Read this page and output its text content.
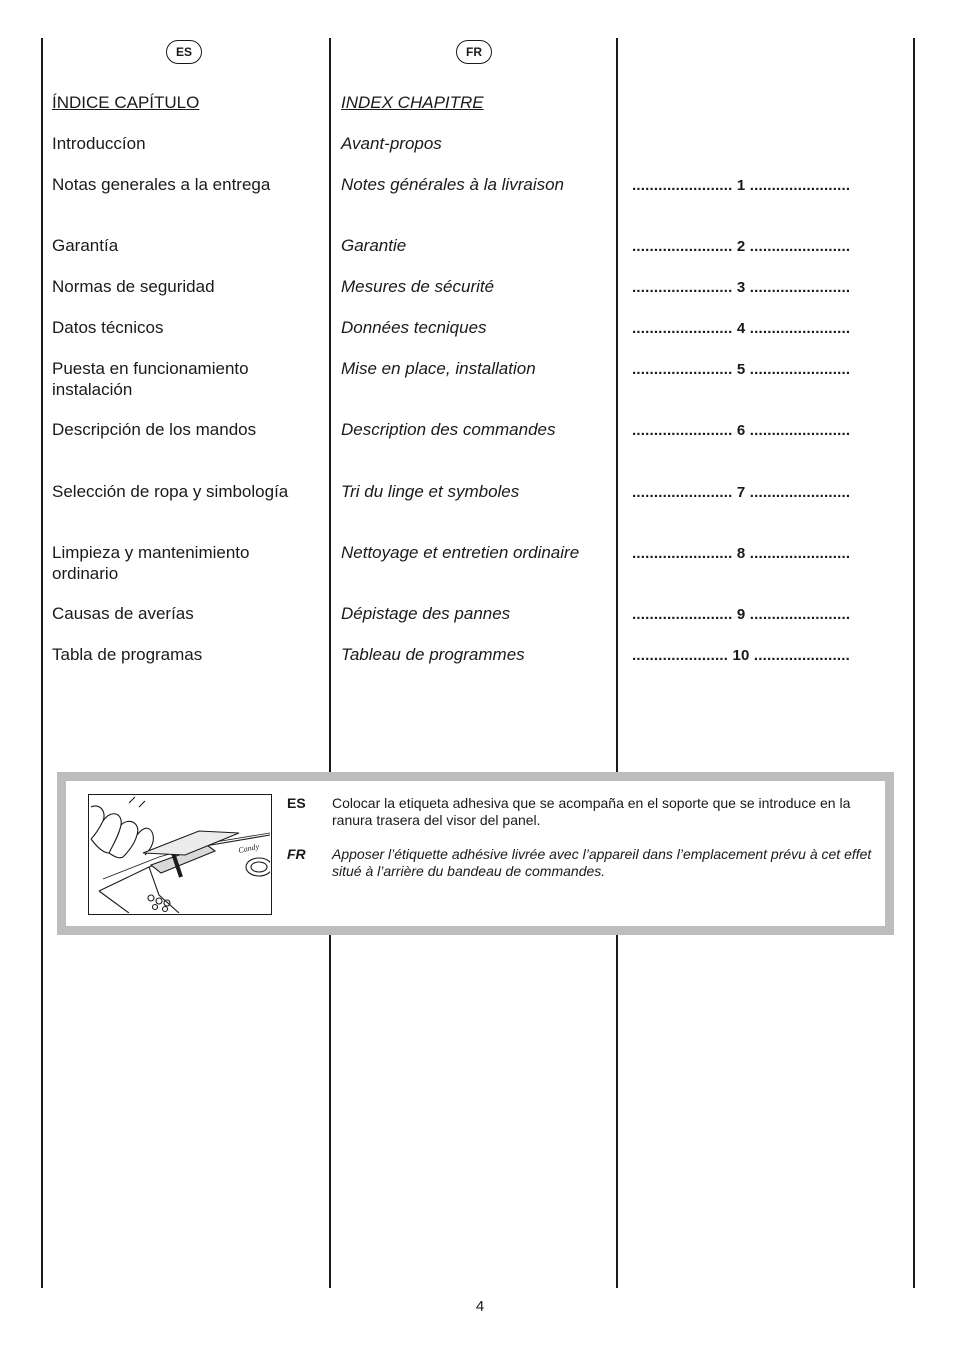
ES	FR
ÍNDICE CAPÍTULO
Introduccíon
Notas generales a la entrega
Garantía
Normas de seguridad
Datos técnicos
Puesta en funcionamiento instalación
Descripción de los mandos
Selección de ropa y simbología
Limpieza y mantenimiento ordinario
Causas de averías
Tabla de programas
INDEX CHAPITRE
Avant-propos
Notes générales à la livraison
Garantie
Mesures de sécurité
Données tecniques
Mise en place, installation
Description des commandes
Tri du linge et symboles
Nettoyage et entretien ordinaire
Dépistage des pannes
Tableau de programmes
....................... 1 .......................
....................... 2 .......................
....................... 3 .......................
....................... 4 .......................
....................... 5 .......................
....................... 6 .......................
....................... 7 .......................
....................... 8 .......................
....................... 9 .......................
...................... 10 ......................
Candy
ES Colocar la etiqueta adhesiva que se acompaña en el soporte que se introduce en la ranura trasera del visor del panel.
FR Apposer l’étiquette adhésive livrée avec l’appareil dans l’emplacement prévu à cet effet situé à l’arrière du bandeau de commandes.
4
